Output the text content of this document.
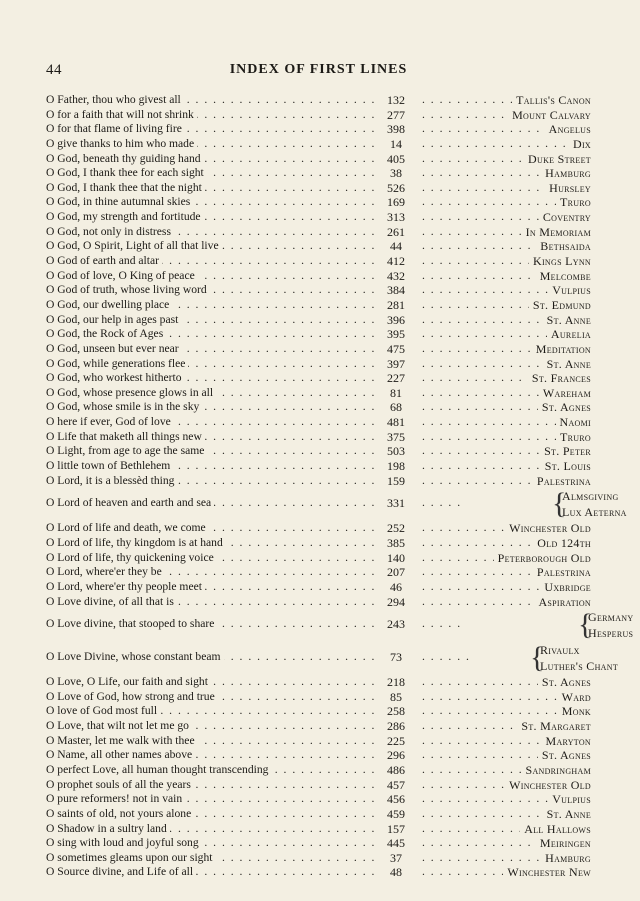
44	INDEX OF FIRST LINES
O Father, thou who givest all . . .	132	. . . Tallis's Canon
O for a faith that will not shrink . . .	277	. . . Mount Calvary
O for that flame of living fire . . .	398	. . . Angelus
O give thanks to him who made . . .	14	. . . Dix
O God, beneath thy guiding hand . . .	405	. . . Duke Street
O God, I thank thee for each sight . . .	38	. . . Hamburg
O God, I thank thee that the night . . .	526	. . . Hursley
O God, in thine autumnal skies . . .	169	. . . Truro
O God, my strength and fortitude . . .	313	. . . Coventry
O God, not only in distress . . .	261	. . . In Memoriam
O God, O Spirit, Light of all that live . . .	44	. . . Bethsaida
O God of earth and altar . . .	412	. . . Kings Lynn
O God of love, O King of peace . . .	432	. . . Melcombe
O God of truth, whose living word . . .	384	. . . Vulpius
O God, our dwelling place . . .	281	. . . St. Edmund
O God, our help in ages past . . .	396	. . . St. Anne
O God, the Rock of Ages . . .	395	. . . Aurelia
O God, unseen but ever near . . .	475	. . . Meditation
O God, while generations flee . . .	397	. . . St. Anne
O God, who workest hitherto . . .	227	. . . St. Frances
O God, whose presence glows in all . . .	81	. . . Wareham
O God, whose smile is in the sky . . .	68	. . . St. Agnes
O here if ever, God of love . . .	481	. . . Naomi
O Life that maketh all things new . . .	375	. . . Truro
O Light, from age to age the same . . .	503	. . . St. Peter
O little town of Bethlehem . . .	198	. . . St. Louis
O Lord, it is a blessèd thing . . .	159	. . . Palestrina
O Lord of heaven and earth and sea . . .	331	. . . . .	{
Almsgiving
Lux Aeterna
O Lord of life and death, we come . . .	252	. . . Winchester Old
O Lord of life, thy kingdom is at hand . . .	385	. . . Old 124th
O Lord of life, thy quickening voice . . .	140	. . . Peterborough Old
O Lord, where'er they be . . .	207	. . . Palestrina
O Lord, where'er thy people meet . . .	46	. . . Uxbridge
O Love divine, of all that is . . .	294	. . . Aspiration
O Love divine, that stooped to share . . .	243	. . . . .	{
Germany
Hesperus
O Love Divine, whose constant beam . . .	73	. . . . . .	{
Rivaulx
Luther's Chant
O Love, O Life, our faith and sight . . .	218	. . . St. Agnes
O Love of God, how strong and true . . .	85	. . . Ward
O love of God most full . . .	258	. . . Monk
O Love, that wilt not let me go . . .	286	. . . St. Margaret
O Master, let me walk with thee . . .	225	. . . Maryton
O Name, all other names above . . .	296	. . . St. Agnes
O perfect Love, all human thought transcending . . .	486	. . . Sandringham
O prophet souls of all the years . . .	457	. . . Winchester Old
O pure reformers! not in vain . . .	456	. . . Vulpius
O saints of old, not yours alone . . .	459	. . . St. Anne
O Shadow in a sultry land . . .	157	. . . All Hallows
O sing with loud and joyful song . . .	445	. . . Meiringen
O sometimes gleams upon our sight . . .	37	. . . Hamburg
O Source divine, and Life of all . . .	48	. . . Winchester New
